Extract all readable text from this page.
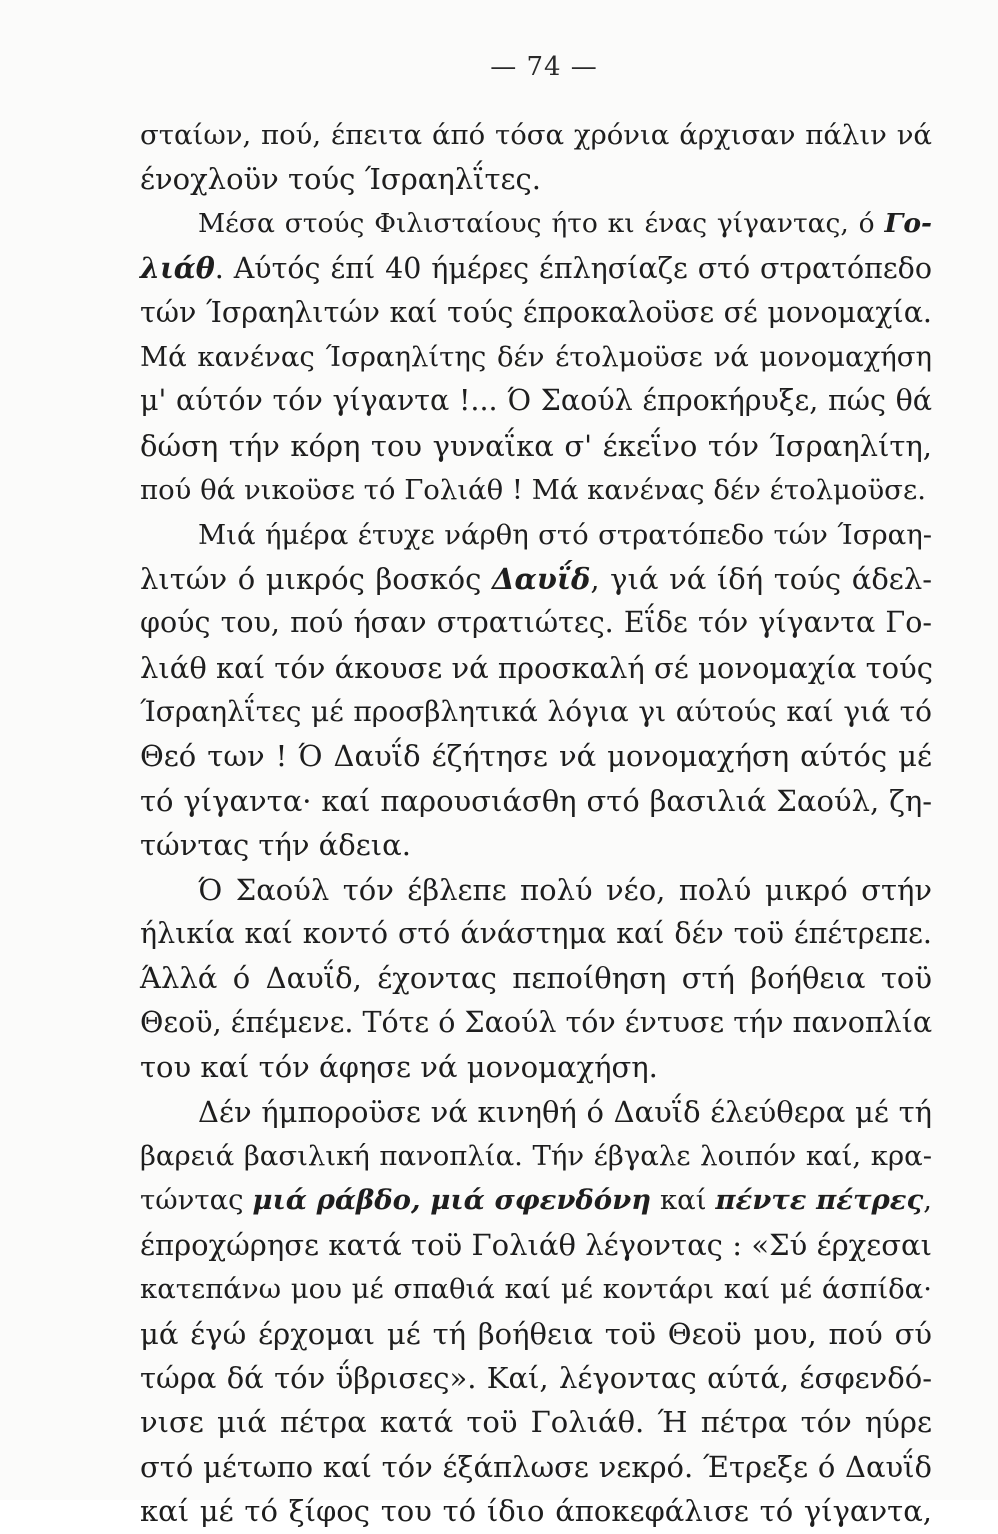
— 74 —
σταίων, πού, έπειτα άπό τόσα χρόνια άρχισαν πάλιν νά
ένοχλοϋν τούς Ίσραηλΐτες.
Μέσα στούς Φιλισταίους ήτο κι ένας γίγαντας, ό Γο-
λιάθ. Αύτός έπί 40 ήμέρες έπλησίαζε στό στρατόπεδο
τών Ίσραηλιτών καί τούς έπροκαλοϋσε σέ μονομαχία.
Μά κανένας Ίσραηλίτης δέν έτολμοϋσε νά μονομαχήση
μ' αύτόν τόν γίγαντα !... Ό Σαούλ έπροκήρυξε, πώς θά
δώση τήν κόρη του γυναΐκα σ' έκεΐνο τόν Ίσραηλίτη,
πού θά νικοϋσε τό Γολιάθ ! Μά κανένας δέν έτολμοϋσε.
Μιά ήμέρα έτυχε νάρθη στό στρατόπεδο τών Ίσραη-
λιτών ό μικρός βοσκός Δαυΐδ, γιά νά ίδή τούς άδελ-
φούς του, πού ήσαν στρατιώτες. Εΐδε τόν γίγαντα Γο-
λιάθ καί τόν άκουσε νά προσκαλή σέ μονομαχία τούς
Ίσραηλΐτες μέ προσβλητικά λόγια γι αύτούς καί γιά τό
Θεό των ! Ό Δαυΐδ έζήτησε νά μονομαχήση αύτός μέ
τό γίγαντα· καί παρουσιάσθη στό βασιλιά Σαούλ, ζη-
τώντας τήν άδεια.
Ό Σαούλ τόν έβλεπε πολύ νέο, πολύ μικρό στήν
ήλικία καί κοντό στό άνάστημα καί δέν τοϋ έπέτρεπε.
Άλλά ό Δαυΐδ, έχοντας πεποίθηση στή βοήθεια τοϋ
Θεοϋ, έπέμενε. Τότε ό Σαούλ τόν έντυσε τήν πανοπλία
του καί τόν άφησε νά μονομαχήση.
Δέν ήμποροϋσε νά κινηθή ό Δαυΐδ έλεύθερα μέ τή
βαρειά βασιλική πανοπλία. Τήν έβγαλε λοιπόν καί, κρα-
τώντας μιά ράβδο, μιά σφενδόνη καί πέντε πέτρες,
έπροχώρησε κατά τοϋ Γολιάθ λέγοντας : «Σύ έρχεσαι
κατεπάνω μου μέ σπαθιά καί μέ κοντάρι καί μέ άσπίδα·
μά έγώ έρχομαι μέ τή βοήθεια τοϋ Θεοϋ μου, πού σύ
τώρα δά τόν ΰβρισες». Καί, λέγοντας αύτά, έσφενδό-
νισε μιά πέτρα κατά τοϋ Γολιάθ. Ή πέτρα τόν ηύρε
στό μέτωπο καί τόν έξάπλωσε νεκρό. Έτρεξε ό Δαυΐδ
καί μέ τό ξίφος του τό ίδιο άποκεφάλισε τό γίγαντα,
